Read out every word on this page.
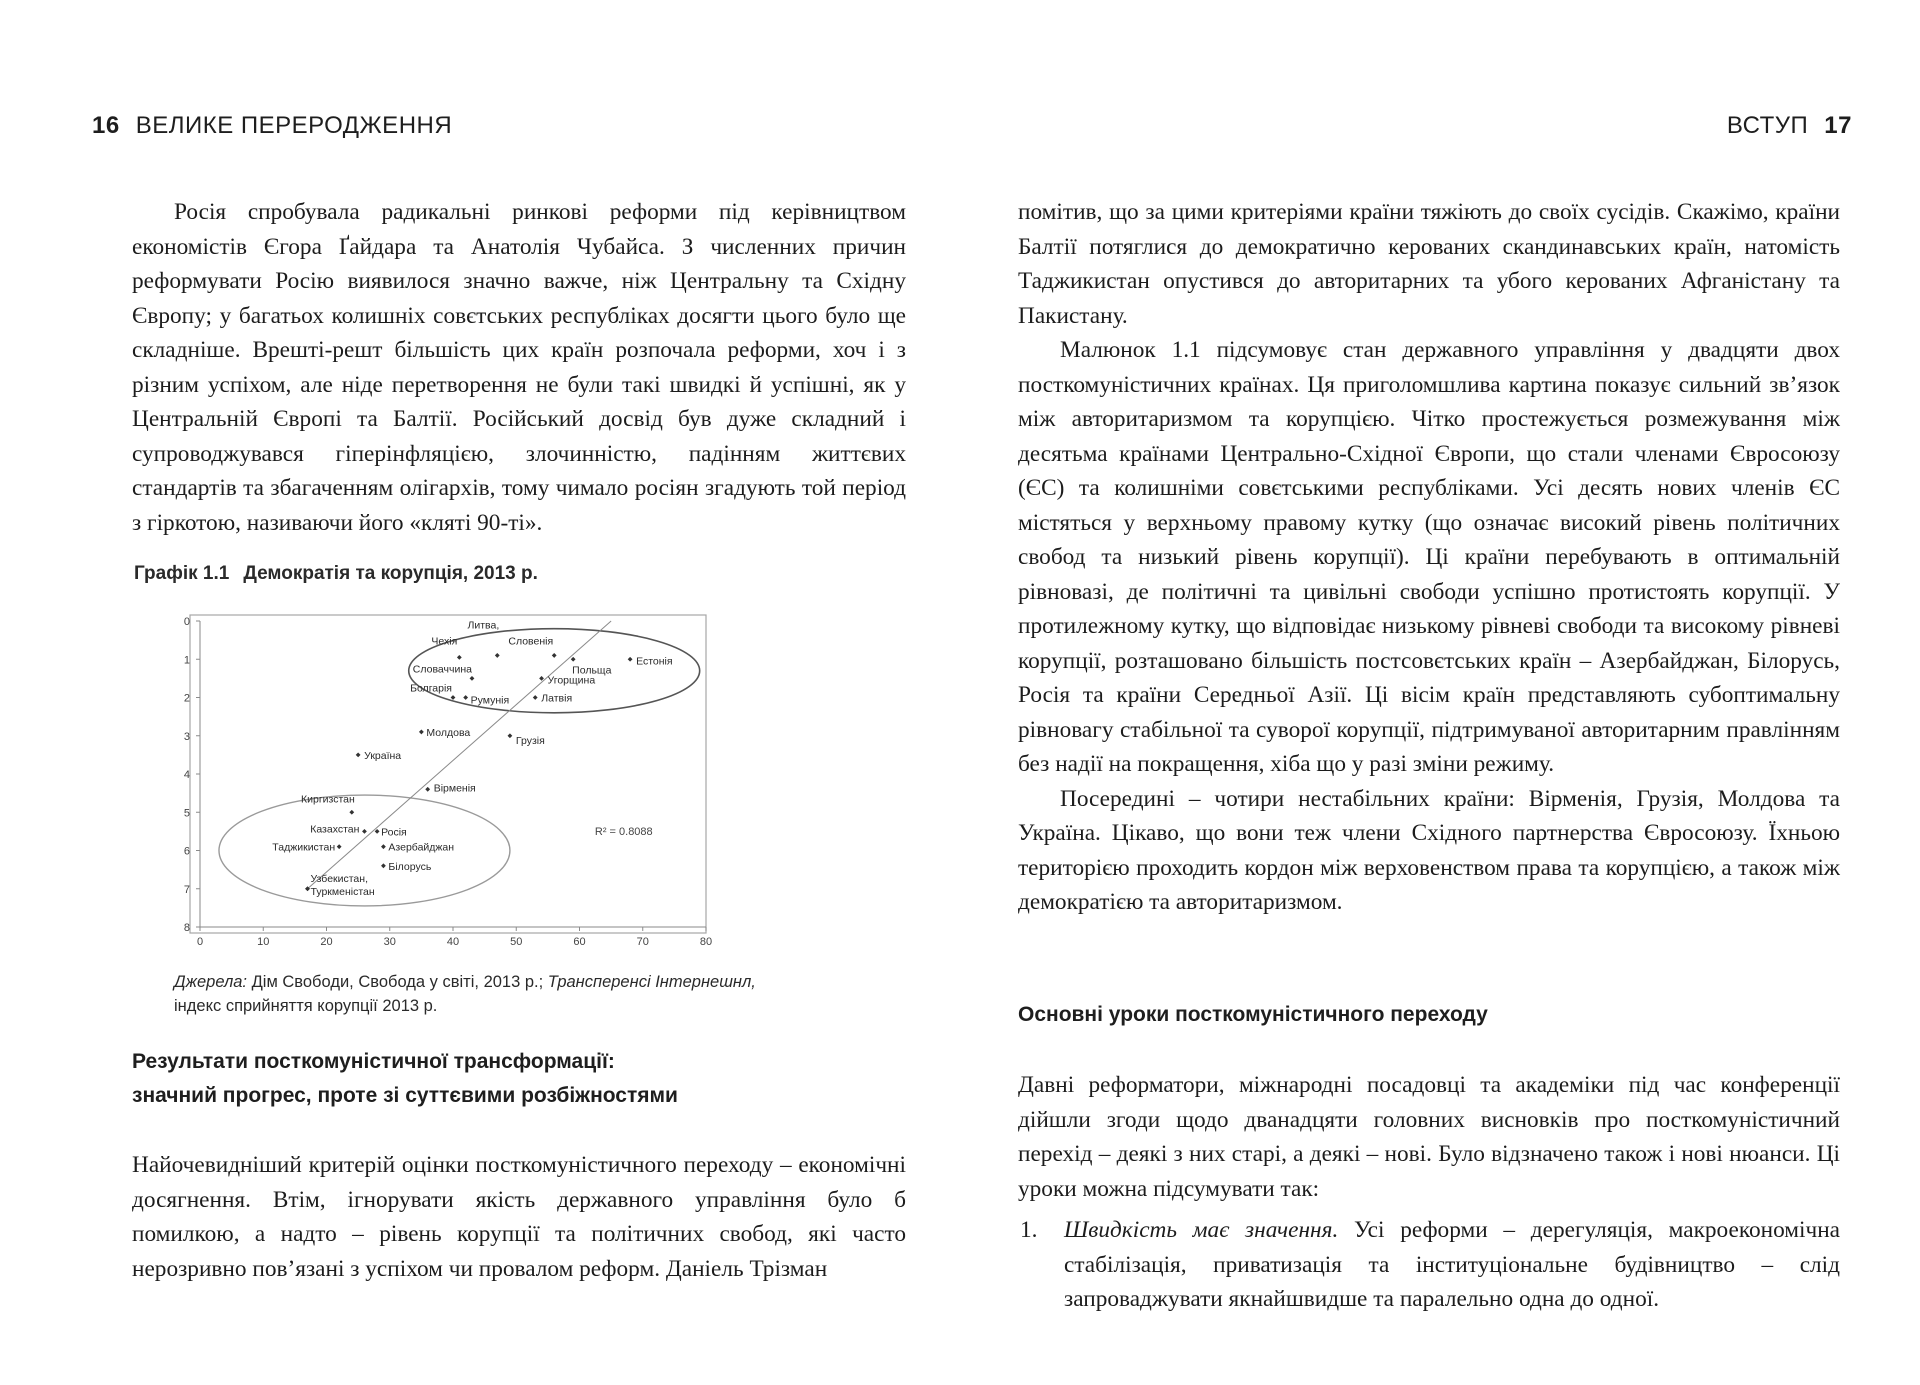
16 ВЕЛИКЕ ПЕРЕРОДЖЕННЯ

Росія спробувала радикальні ринкові реформи під керівництвом економістів Єгора Ґайдара та Анатолія Чубайса. З численних причин реформувати Росію виявилося значно важче, ніж Центральну та Східну Європу; у багатьох колишніх совєтських республіках досягти цього було ще складніше. Врешті-решт більшість цих країн розпочала реформи, хоч і з різним успіхом, але ніде перетворення не були такі швидкі й успішні, як у Центральній Європі та Балтії. Російський досвід був дуже складний і супроводжувався гіперінфляцією, злочинністю, падінням життєвих стандартів та збагаченням олігархів, тому чимало росіян згадують той період з гіркотою, називаючи його «кляті 90-ті».

Графік 1.1 Демократія та корупція, 2013 р.

0
1
2
3
4
5
6
7
8
0	10	20	30	40	50	60	70	80
R² = 0.8088
Естонія
Литва,
Словенія
Чехія
Польща
Угорщина
Словаччина
Болгарія
Румунія	Латвія
Молдова
Грузія
Україна
Вірменія
Киргизстан
Казахстан Росія
Таджикистан	Азербайджан
Білорусь
Узбекистан,
Туркменістан
Джерела: Дім Свободи, Свобода у світі, 2013 р.; Трансперенсі Інтернешнл,
індекс сприйняття корупції 2013 р.
Результати посткомуністичної трансформації:
значний прогрес, проте зі суттєвими розбіжностями

Найочевидніший критерій оцінки посткомуністичного переходу – економічні досягнення. Втім, ігнорувати якість державного управління було б помилкою, а надто – рівень корупції та політичних свобод, які часто нерозривно пов’язані з успіхом чи провалом реформ. Даніель Трізман

ВСТУП 17

помітив, що за цими критеріями країни тяжіють до своїх сусідів. Скажімо, країни Балтії потяглися до демократично керованих скандинавських країн, натомість Таджикистан опустився до авторитарних та убого керованих Афганістану та Пакистану.

Малюнок 1.1 підсумовує стан державного управління у двадцяти двох посткомуністичних країнах. Ця приголомшлива картина показує сильний зв’язок між авторитаризмом та корупцією. Чітко простежується розмежування між десятьма країнами Центрально-Східної Європи, що стали членами Євросоюзу (ЄС) та колишніми совєтськими республіками. Усі десять нових членів ЄС містяться у верхньому правому кутку (що означає високий рівень політичних свобод та низький рівень корупції). Ці країни перебувають в оптимальній рівновазі, де політичні та цивільні свободи успішно протистоять корупції. У протилежному кутку, що відповідає низькому рівневі свободи та високому рівневі корупції, розташовано більшість постсовєтських країн – Азербайджан, Білорусь, Росія та країни Середньої Азії. Ці вісім країн представляють субоптимальну рівновагу стабільної та суворої корупції, підтримуваної авторитарним правлінням без надії на покращення, хіба що у разі зміни режиму.

Посередині – чотири нестабільних країни: Вірменія, Грузія, Молдова та Україна. Цікаво, що вони теж члени Східного партнерства Євросоюзу. Їхньою територією проходить кордон між верховенством права та корупцією, а також між демократією та авторитаризмом.

Основні уроки посткомуністичного переходу

Давні реформатори, міжнародні посадовці та академіки під час конференції дійшли згоди щодо дванадцяти головних висновків про посткомуністичний перехід – деякі з них старі, а деякі – нові. Було відзначено також і нові нюанси. Ці уроки можна підсумувати так:

1. Швидкість має значення. Усі реформи – дерегуляція, макроекономічна стабілізація, приватизація та інституціональне будівництво – слід запроваджувати якнайшвидше та паралельно одна до одної.
